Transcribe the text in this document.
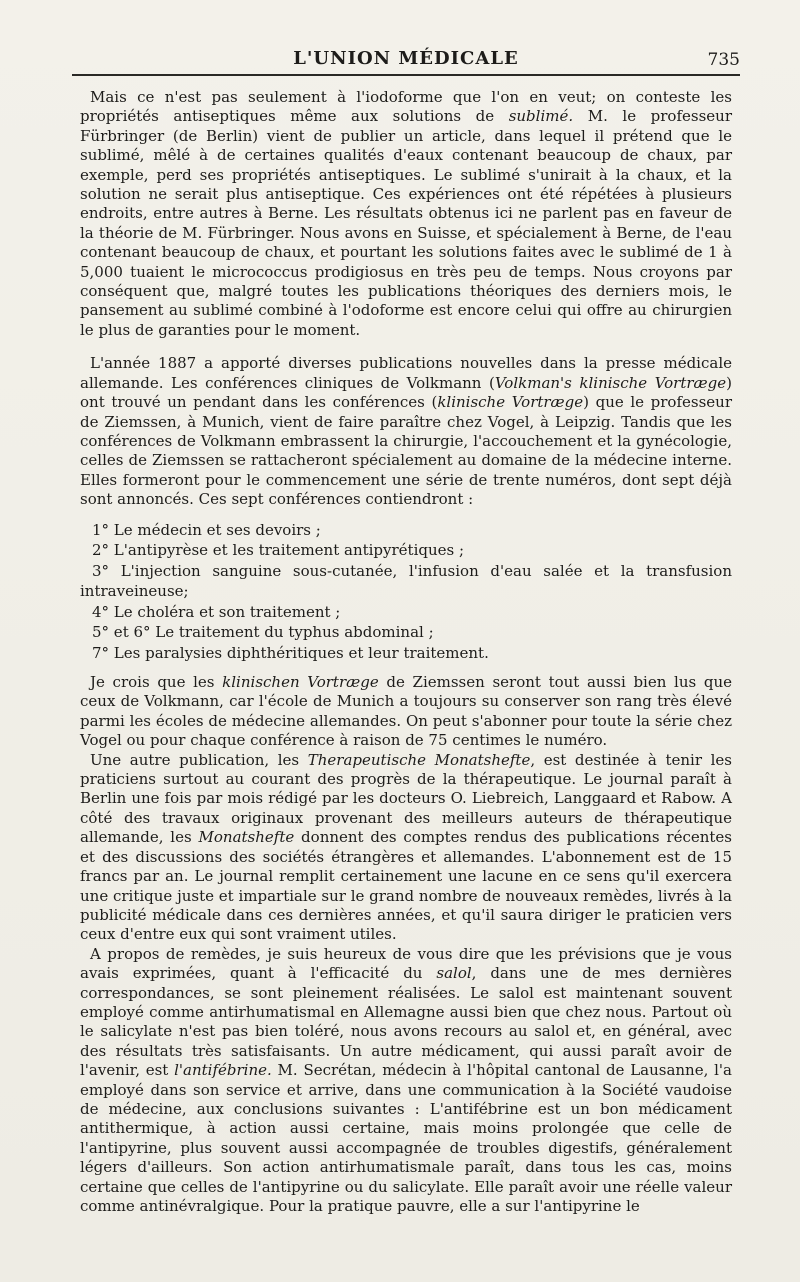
L'UNION MÉDICALE	735

Mais ce n'est pas seulement à l'iodoforme que l'on en veut; on conteste les propriétés antiseptiques même aux solutions de sublimé. M. le professeur Fürbringer (de Berlin) vient de publier un article, dans lequel il prétend que le sublimé, mêlé à de certaines qualités d'eaux contenant beaucoup de chaux, par exemple, perd ses propriétés antiseptiques. Le sublimé s'unirait à la chaux, et la solution ne serait plus antiseptique. Ces expériences ont été répétées à plusieurs endroits, entre autres à Berne. Les résultats obtenus ici ne parlent pas en faveur de la théorie de M. Fürbringer. Nous avons en Suisse, et spécialement à Berne, de l'eau contenant beaucoup de chaux, et pourtant les solutions faites avec le sublimé de 1 à 5,000 tuaient le micrococcus prodigiosus en très peu de temps. Nous croyons par conséquent que, malgré toutes les publications théoriques des derniers mois, le pansement au sublimé combiné à l'odoforme est encore celui qui offre au chirurgien le plus de garanties pour le moment.

L'année 1887 a apporté diverses publications nouvelles dans la presse médicale allemande. Les conférences cliniques de Volkmann (Volkman's klinische Vortræge) ont trouvé un pendant dans les conférences (klinische Vortræge) que le professeur de Ziemssen, à Munich, vient de faire paraître chez Vogel, à Leipzig. Tandis que les conférences de Volkmann embrassent la chirurgie, l'accouchement et la gynécologie, celles de Ziemssen se rattacheront spécialement au domaine de la médecine interne. Elles formeront pour le commencement une série de trente numéros, dont sept déjà sont annoncés. Ces sept conférences contiendront :

1° Le médecin et ses devoirs ;

2° L'antipyrèse et les traitement antipyrétiques ;

3° L'injection sanguine sous-cutanée, l'infusion d'eau salée et la transfusion intraveineuse;

4° Le choléra et son traitement ;

5° et 6° Le traitement du typhus abdominal ;

7° Les paralysies diphthéritiques et leur traitement.

Je crois que les klinischen Vortræge de Ziemssen seront tout aussi bien lus que ceux de Volkmann, car l'école de Munich a toujours su conserver son rang très élevé parmi les écoles de médecine allemandes. On peut s'abonner pour toute la série chez Vogel ou pour chaque conférence à raison de 75 centimes le numéro.

Une autre publication, les Therapeutische Monatshefte, est destinée à tenir les praticiens surtout au courant des progrès de la thérapeutique. Le journal paraît à Berlin une fois par mois rédigé par les docteurs O. Liebreich, Langgaard et Rabow. A côté des travaux originaux provenant des meilleurs auteurs de thérapeutique allemande, les Monatshefte donnent des comptes rendus des publications récentes et des discussions des sociétés étrangères et allemandes. L'abonnement est de 15 francs par an. Le journal remplit certainement une lacune en ce sens qu'il exercera une critique juste et impartiale sur le grand nombre de nouveaux remèdes, livrés à la publicité médicale dans ces dernières années, et qu'il saura diriger le praticien vers ceux d'entre eux qui sont vraiment utiles.

A propos de remèdes, je suis heureux de vous dire que les prévisions que je vous avais exprimées, quant à l'efficacité du salol, dans une de mes dernières correspondances, se sont pleinement réalisées. Le salol est maintenant souvent employé comme antirhumatismal en Allemagne aussi bien que chez nous. Partout où le salicylate n'est pas bien toléré, nous avons recours au salol et, en général, avec des résultats très satisfaisants. Un autre médicament, qui aussi paraît avoir de l'avenir, est l'antifébrine. M. Secrétan, médecin à l'hôpital cantonal de Lausanne, l'a employé dans son service et arrive, dans une communication à la Société vaudoise de médecine, aux conclusions suivantes : L'antifébrine est un bon médicament antithermique, à action aussi certaine, mais moins prolongée que celle de l'antipyrine, plus souvent aussi accompagnée de troubles digestifs, généralement légers d'ailleurs. Son action antirhumatismale paraît, dans tous les cas, moins certaine que celles de l'antipyrine ou du salicylate. Elle paraît avoir une réelle valeur comme antinévralgique. Pour la pratique pauvre, elle a sur l'antipyrine le
